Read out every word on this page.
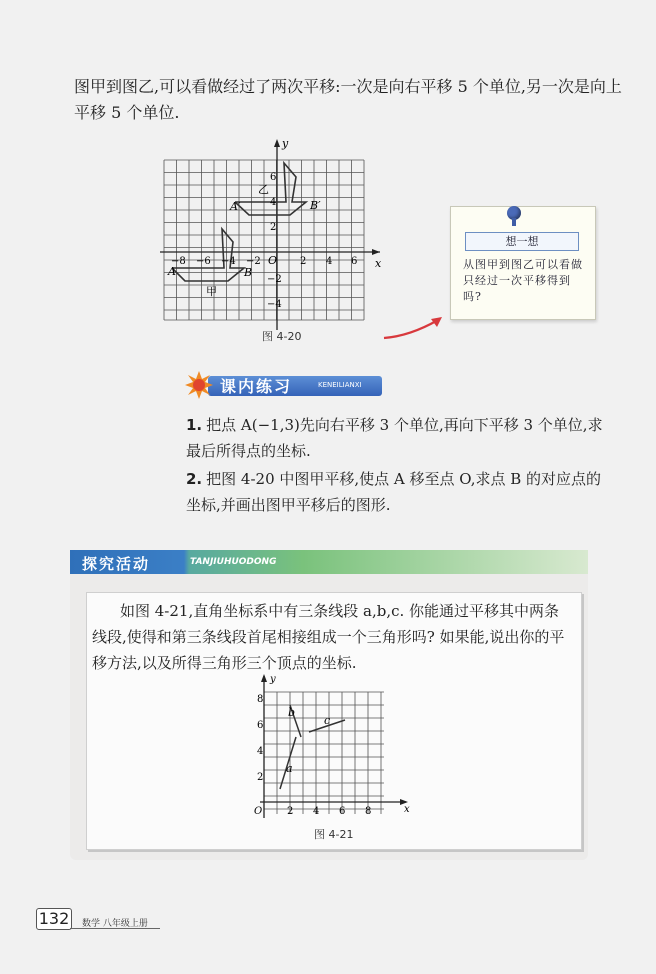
图甲到图乙,可以看做经过了两次平移:一次是向右平移 5 个单位,另一次是向上平移 5 个单位.
A	B
A′	B′
甲
乙
x
y
O
−8 −6 −4 −2	2 4 6
6
4
2
−2
−4
图 4-20
想一想
从图甲到图乙可以看做只经过一次平移得到吗?
课内练习	KENEILIANXI
1. 把点 A(−1,3)先向右平移 3 个单位,再向下平移 3 个单位,求最后所得点的坐标.
2. 把图 4-20 中图甲平移,使点 A 移至点 O,求点 B 的对应点的坐标,并画出图甲平移后的图形.
探究活动	TANJIUHUODONG
如图 4-21,直角坐标系中有三条线段 a,b,c. 你能通过平移其中两条线段,使得和第三条线段首尾相接组成一个三角形吗? 如果能,说出你的平移方法,以及所得三角形三个顶点的坐标.
a
b
c
x
y
O 2 4 6 8
2
4
6
8
图 4-21
132	数学 八年级上册
